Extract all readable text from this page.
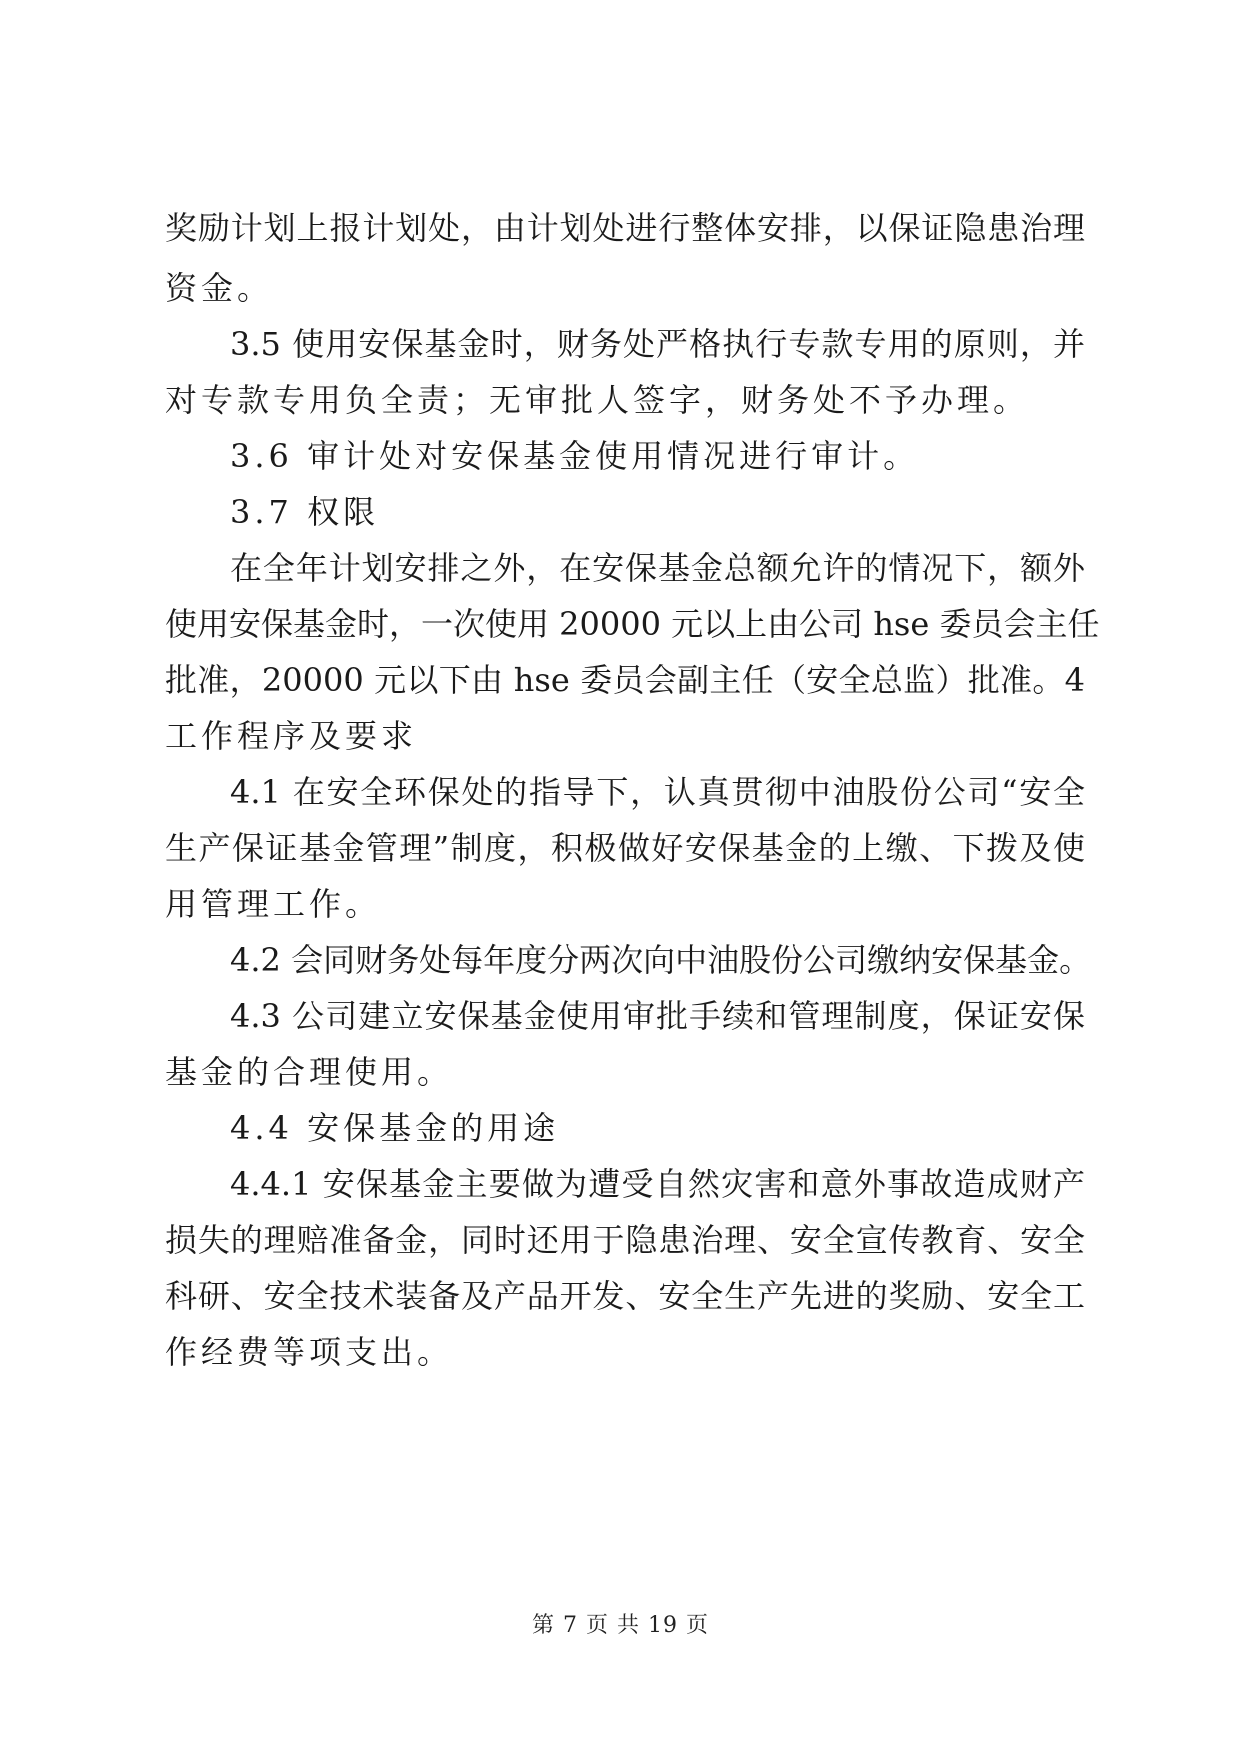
奖励计划上报计划处，由计划处进行整体安排，以保证隐患治理

资金。

3.5 使用安保基金时，财务处严格执行专款专用的原则，并

对专款专用负全责；无审批人签字，财务处不予办理。

3.6 审计处对安保基金使用情况进行审计。

3.7 权限

在全年计划安排之外，在安保基金总额允许的情况下，额外

使用安保基金时，一次使用 20000 元以上由公司 hse 委员会主任

批准，20000 元以下由 hse 委员会副主任（安全总监）批准。4

工作程序及要求

4.1 在安全环保处的指导下，认真贯彻中油股份公司“安全

生产保证基金管理”制度，积极做好安保基金的上缴、下拨及使

用管理工作。

4.2 会同财务处每年度分两次向中油股份公司缴纳安保基金。

4.3 公司建立安保基金使用审批手续和管理制度，保证安保

基金的合理使用。

4.4 安保基金的用途

4.4.1 安保基金主要做为遭受自然灾害和意外事故造成财产

损失的理赔准备金，同时还用于隐患治理、安全宣传教育、安全

科研、安全技术装备及产品开发、安全生产先进的奖励、安全工

作经费等项支出。

第 7 页 共 19 页
